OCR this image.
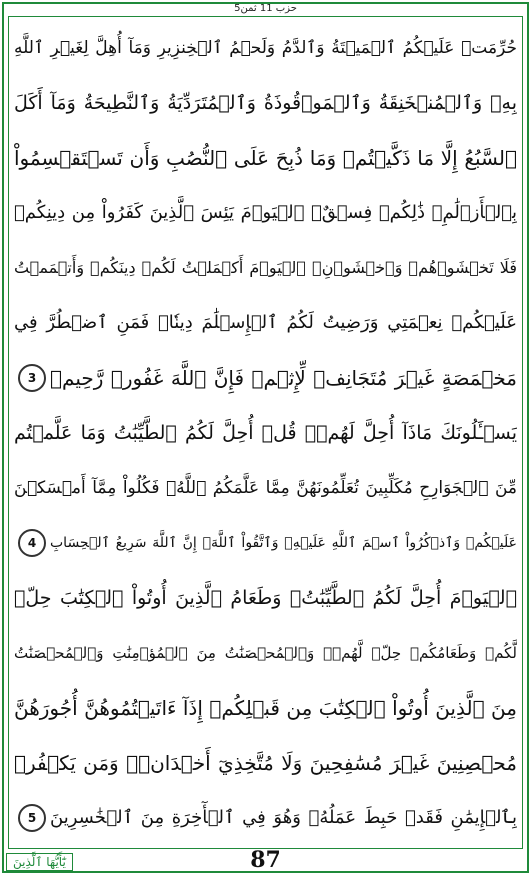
حزب 11 ثمن5
حُرِّمَتۡ عَلَيۡكُمُ ٱلۡمَيۡتَةُ وَٱلدَّمُ وَلَحۡمُ ٱلۡخِنزِيرِ وَمَآ أُهِلَّ لِغَيۡرِ ٱللَّهِ
بِهِۦ وَٱلۡمُنۡخَنِقَةُ وَٱلۡمَوۡقُوذَةُ وَٱلۡمُتَرَدِّيَةُ وَٱلنَّطِيحَةُ وَمَآ أَكَلَ
ٱلسَّبُعُ إِلَّا مَا ذَكَّيۡتُمۡ وَمَا ذُبِحَ عَلَى ٱلنُّصُبِ وَأَن تَسۡتَقۡسِمُواْ
بِٱلۡأَزۡلَٰمِۚ ذَٰلِكُمۡ فِسۡقٌۗ ٱلۡيَوۡمَ يَئِسَ ٱلَّذِينَ كَفَرُواْ مِن دِينِكُمۡ
فَلَا تَخۡشَوۡهُمۡ وَٱخۡشَوۡنِۚ ٱلۡيَوۡمَ أَكۡمَلۡتُ لَكُمۡ دِينَكُمۡ وَأَتۡمَمۡتُ
عَلَيۡكُمۡ نِعۡمَتِي وَرَضِيتُ لَكُمُ ٱلۡإِسۡلَٰمَ دِينٗاۚ فَمَنِ ٱضۡطُرَّ فِي
مَخۡمَصَةٍ غَيۡرَ مُتَجَانِفٖ لِّإِثۡمٖ فَإِنَّ ٱللَّهَ غَفُورٞ رَّحِيمٞ
3
يَسۡـَٔلُونَكَ مَاذَآ أُحِلَّ لَهُمۡۖ قُلۡ أُحِلَّ لَكُمُ ٱلطَّيِّبَٰتُ وَمَا عَلَّمۡتُم
مِّنَ ٱلۡجَوَارِحِ مُكَلِّبِينَ تُعَلِّمُونَهُنَّ مِمَّا عَلَّمَكُمُ ٱللَّهُۖ فَكُلُواْ مِمَّآ أَمۡسَكۡنَ
عَلَيۡكُمۡ وَٱذۡكُرُواْ ٱسۡمَ ٱللَّهِ عَلَيۡهِۖ وَٱتَّقُواْ ٱللَّهَۚ إِنَّ ٱللَّهَ سَرِيعُ ٱلۡحِسَابِ
4
ٱلۡيَوۡمَ أُحِلَّ لَكُمُ ٱلطَّيِّبَٰتُۖ وَطَعَامُ ٱلَّذِينَ أُوتُواْ ٱلۡكِتَٰبَ حِلّٞ
لَّكُمۡ وَطَعَامُكُمۡ حِلّٞ لَّهُمۡۖ وَٱلۡمُحۡصَنَٰتُ مِنَ ٱلۡمُؤۡمِنَٰتِ وَٱلۡمُحۡصَنَٰتُ
مِنَ ٱلَّذِينَ أُوتُواْ ٱلۡكِتَٰبَ مِن قَبۡلِكُمۡ إِذَآ ءَاتَيۡتُمُوهُنَّ أُجُورَهُنَّ
مُحۡصِنِينَ غَيۡرَ مُسَٰفِحِينَ وَلَا مُتَّخِذِيٓ أَخۡدَانٖۗ وَمَن يَكۡفُرۡ
بِٱلۡإِيمَٰنِ فَقَدۡ حَبِطَ عَمَلُهُۥ وَهُوَ فِي ٱلۡأٓخِرَةِ مِنَ ٱلۡخَٰسِرِينَ
5
يَٰٓأَيُّهَا ٱلَّذِينَ	87
